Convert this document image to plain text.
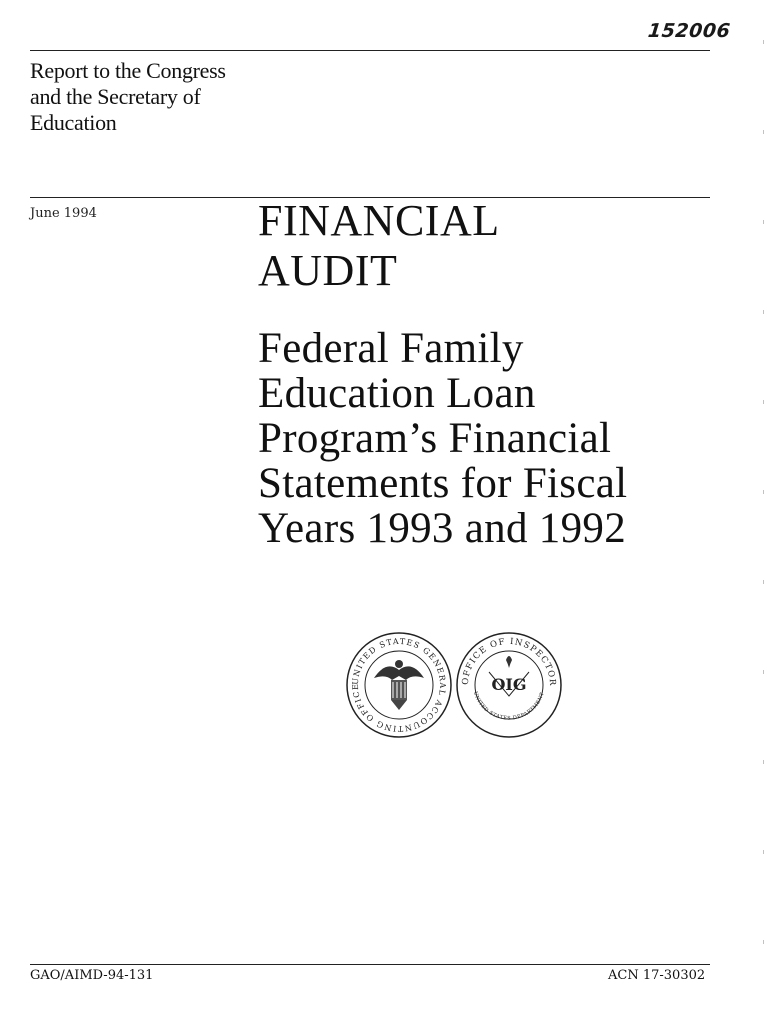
152006
Report to the Congress
and the Secretary of
Education
June 1994	FINANCIAL
AUDIT
Federal Family
Education Loan
Program’s Financial
Statements for Fiscal
Years 1993 and 1992
UNITED STATES GENERAL ACCOUNTING OFFICE
OFFICE OF INSPECTOR
UNITED STATES DEPARTMENT
OIG
GAO/AIMD-94-131	ACN 17-30302
